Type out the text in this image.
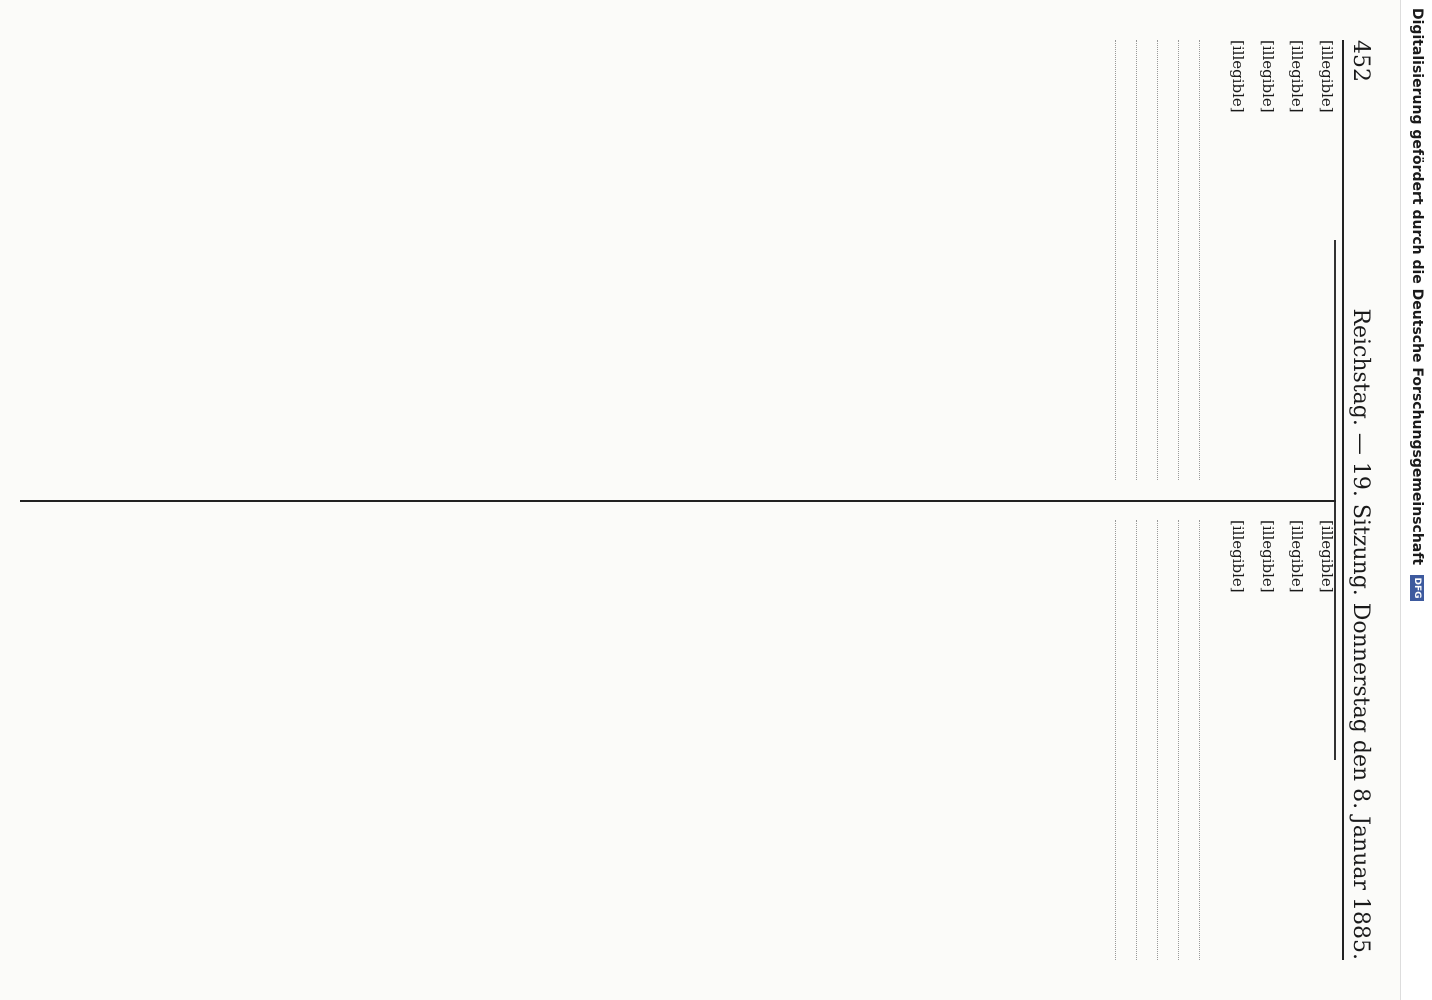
452
Reichstag. — 19. Sitzung. Donnerstag den 8. Januar 1885.

[illegible]

[illegible]

[illegible]

[illegible]

[illegible]

[illegible]

[illegible]

[illegible]	Digitalisierung gefördert durch die Deutsche Forschungsgemeinschaft
DFG
